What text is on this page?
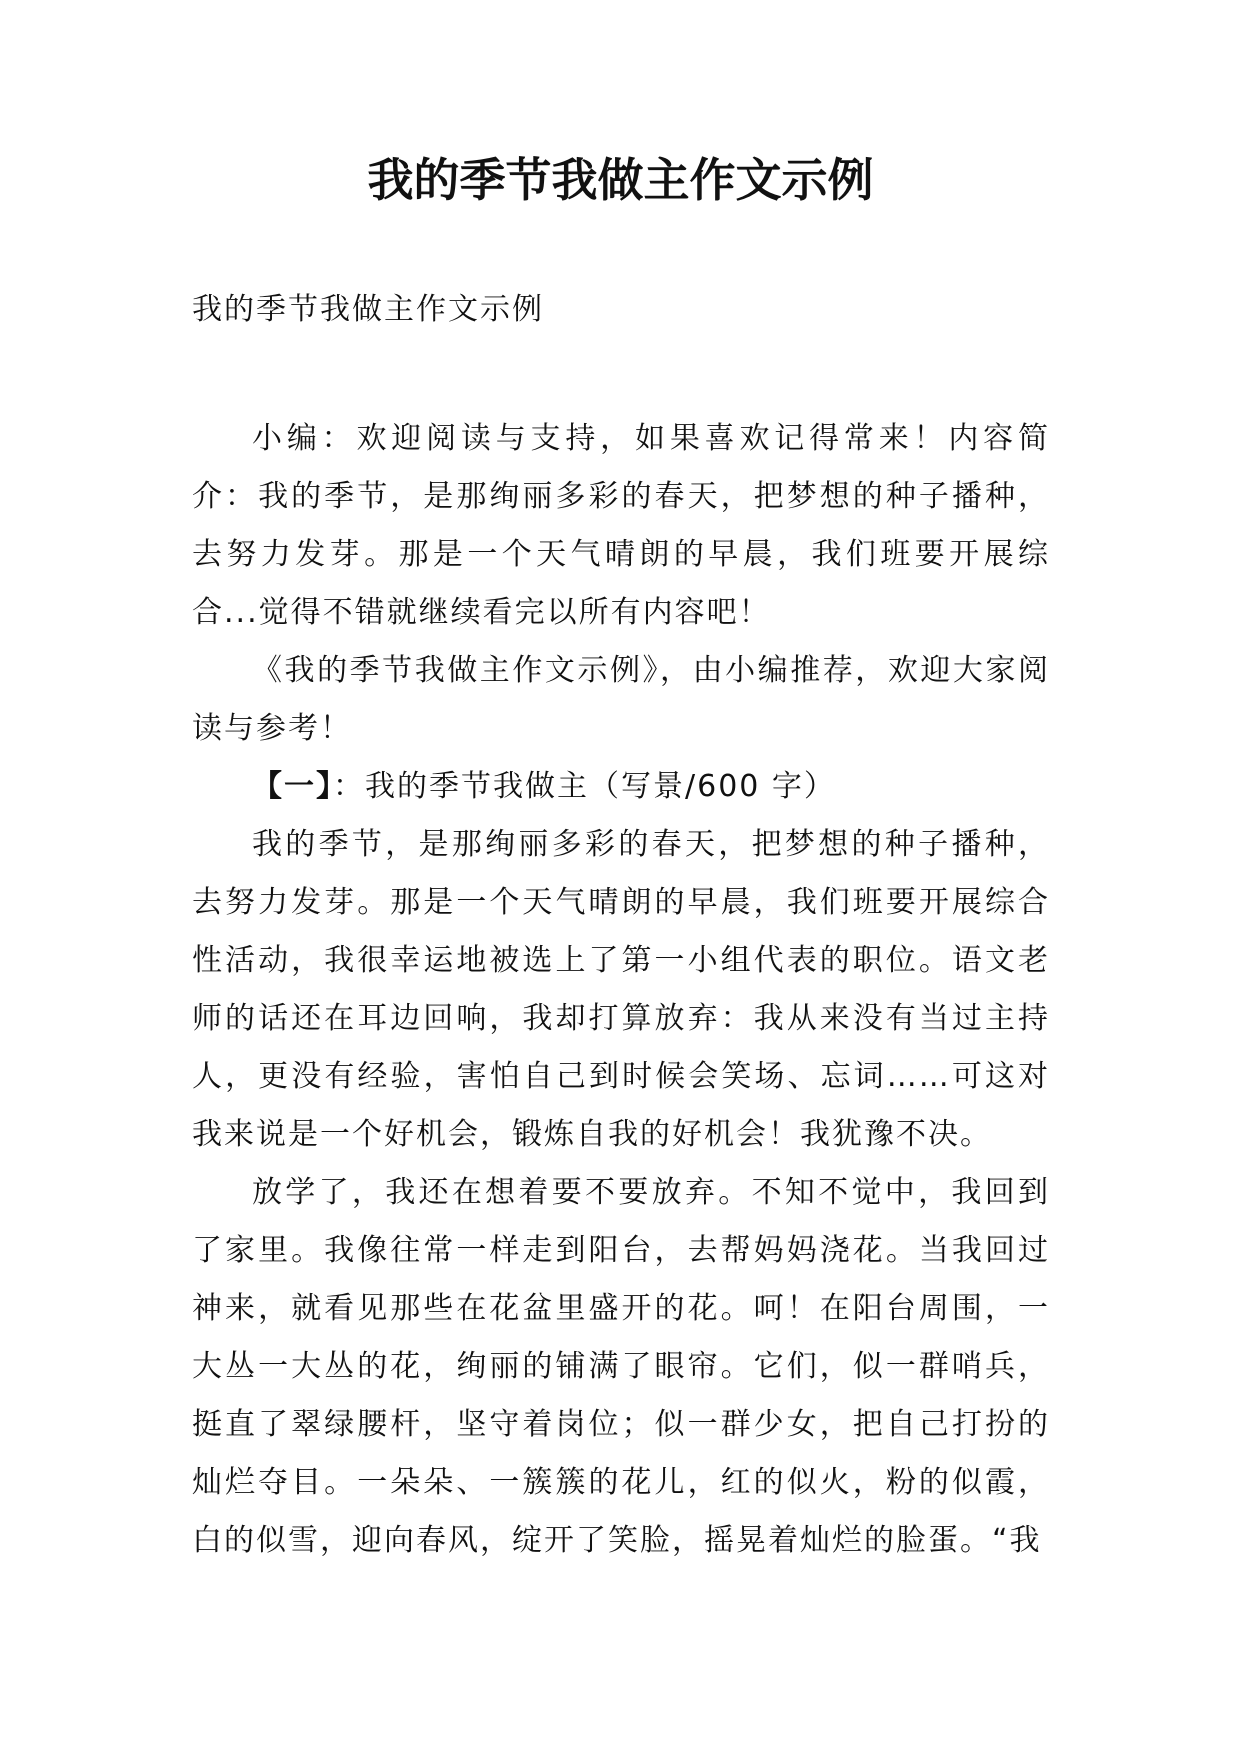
我的季节我做主作文示例
我的季节我做主作文示例

小编：欢迎阅读与支持，如果喜欢记得常来！内容简介：我的季节，是那绚丽多彩的春天，把梦想的种子播种，去努力发芽。那是一个天气晴朗的早晨，我们班要开展综合...觉得不错就继续看完以所有内容吧！

《我的季节我做主作文示例》，由小编推荐，欢迎大家阅读与参考！

【一】：我的季节我做主（写景/600 字）

我的季节，是那绚丽多彩的春天，把梦想的种子播种，去努力发芽。那是一个天气晴朗的早晨，我们班要开展综合性活动，我很幸运地被选上了第一小组代表的职位。语文老师的话还在耳边回响，我却打算放弃：我从来没有当过主持人，更没有经验，害怕自己到时候会笑场、忘词……可这对我来说是一个好机会，锻炼自我的好机会！我犹豫不决。

放学了，我还在想着要不要放弃。不知不觉中，我回到了家里。我像往常一样走到阳台，去帮妈妈浇花。当我回过神来，就看见那些在花盆里盛开的花。呵！在阳台周围，一大丛一大丛的花，绚丽的铺满了眼帘。它们，似一群哨兵，挺直了翠绿腰杆，坚守着岗位；似一群少女，把自己打扮的灿烂夺目。一朵朵、一簇簇的花儿，红的似火，粉的似霞，白的似雪，迎向春风，绽开了笑脸，摇晃着灿烂的脸蛋。“我
